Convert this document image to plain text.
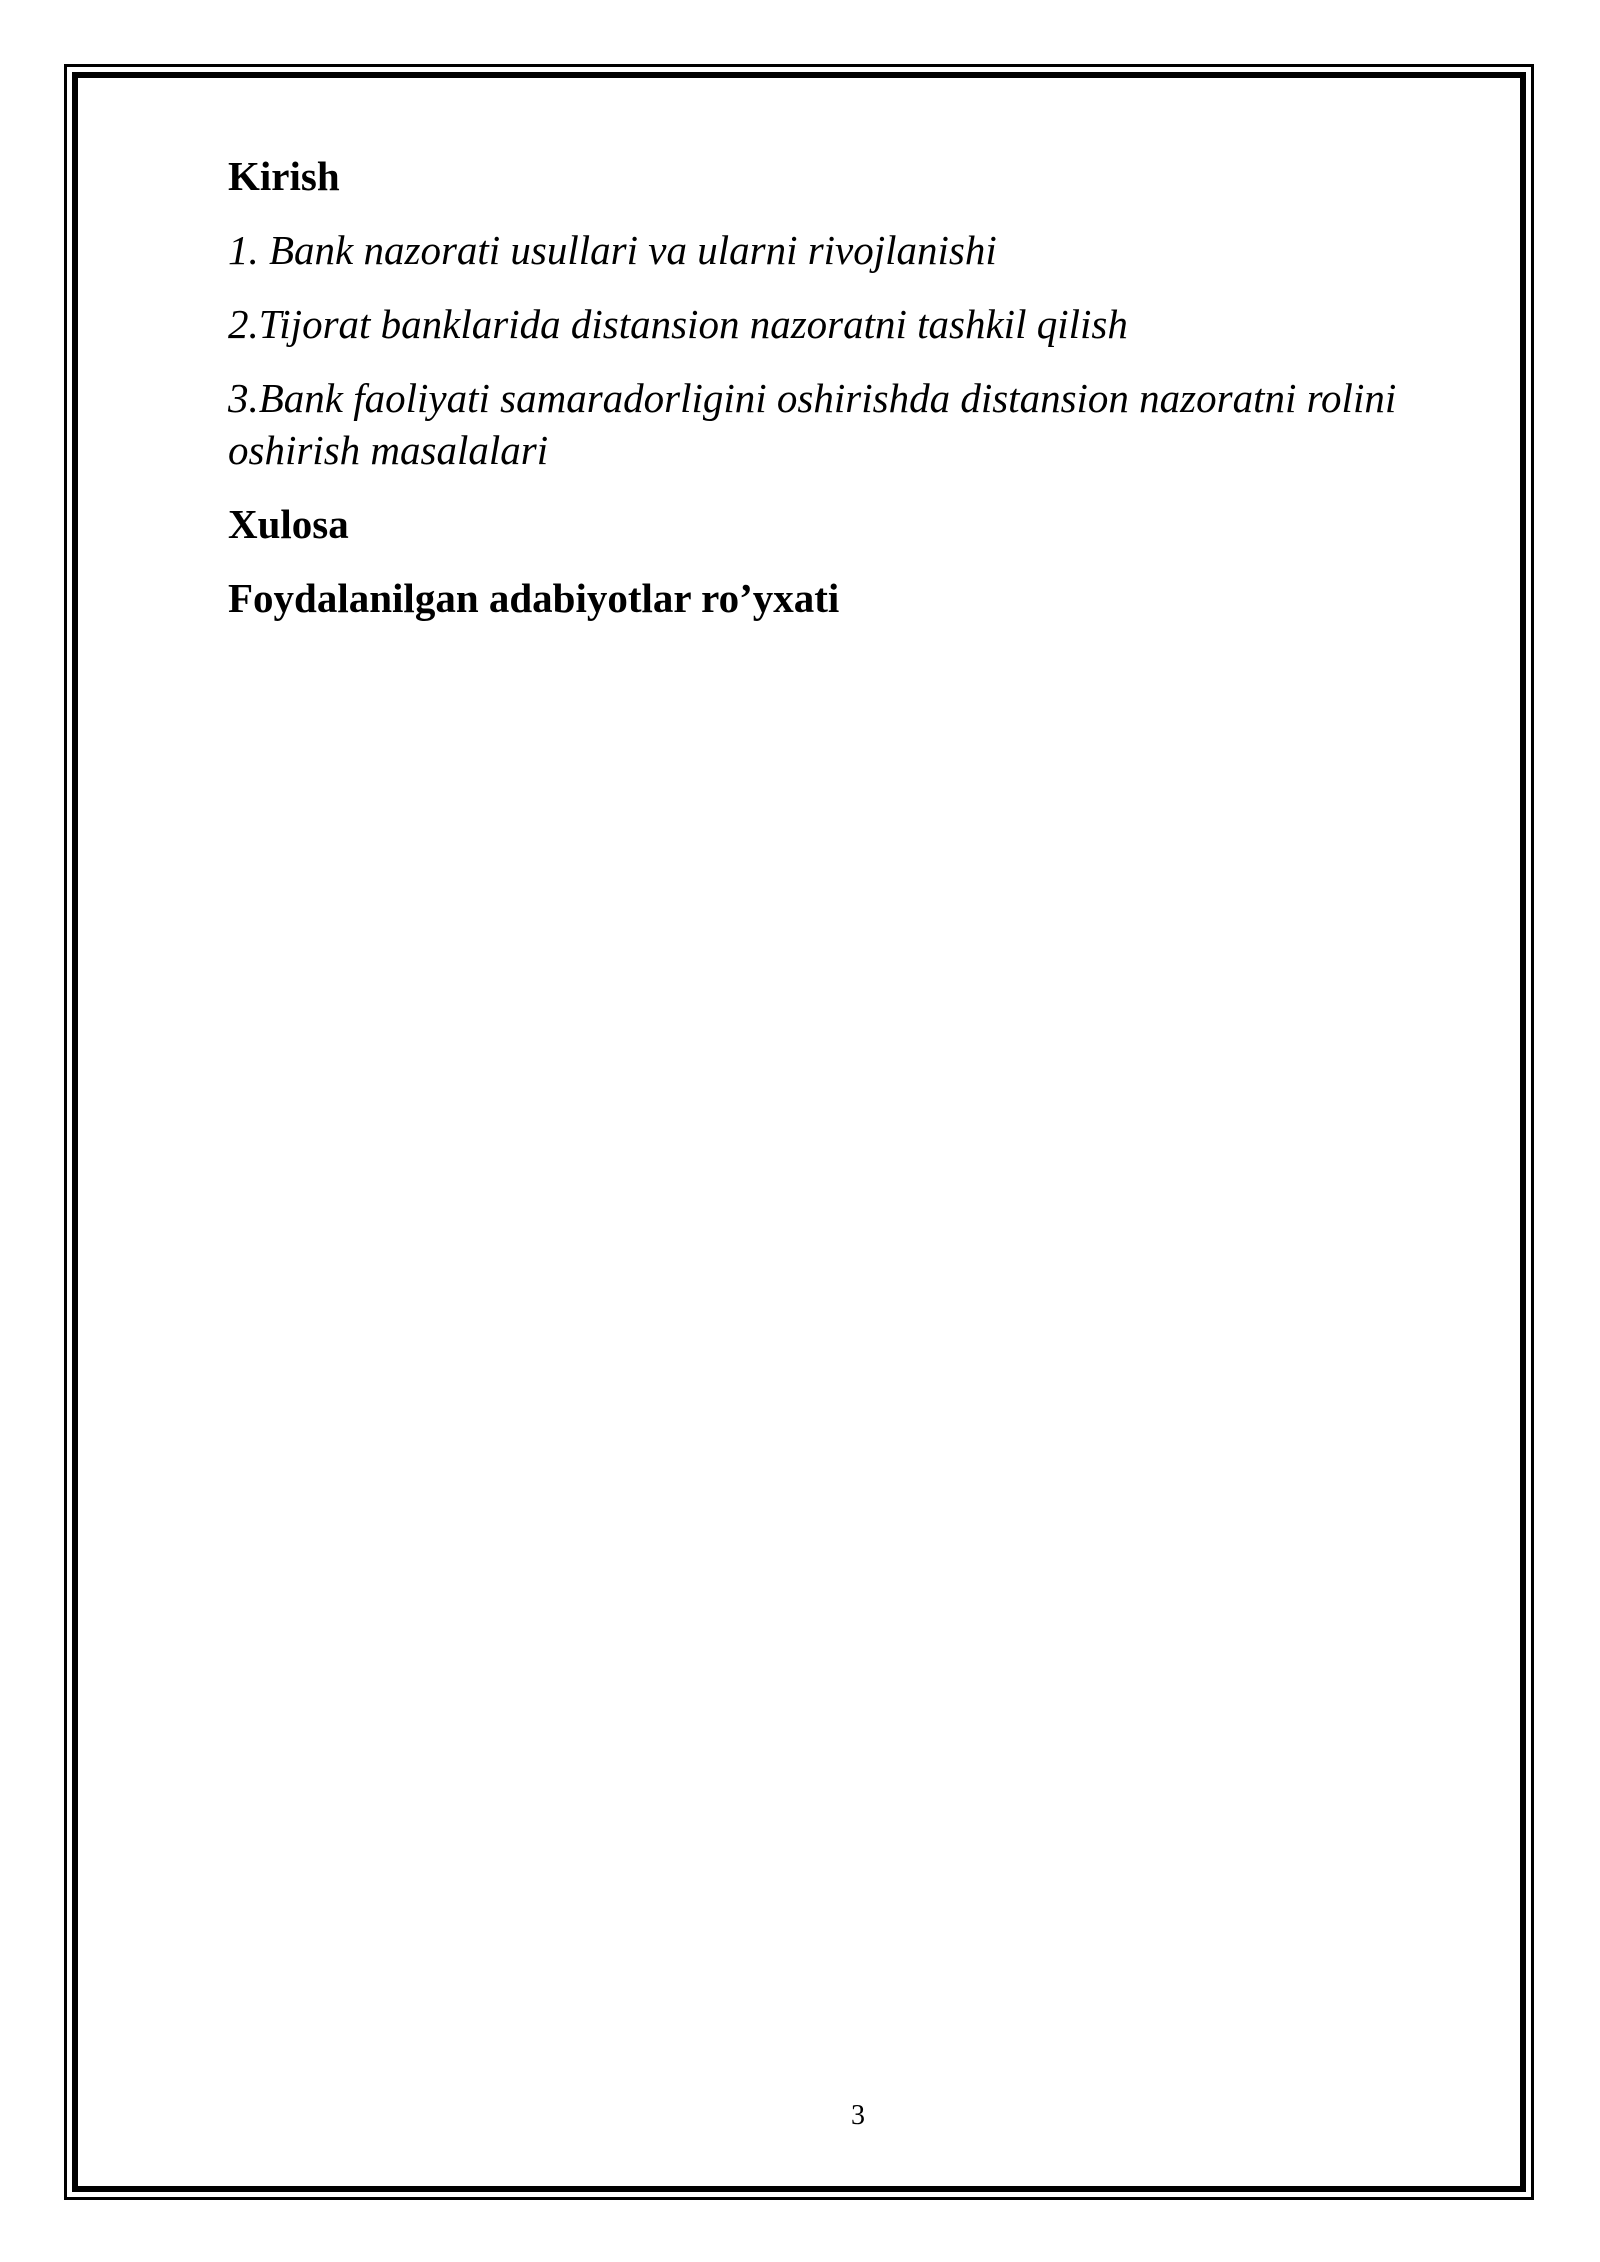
Kirish

1. Bank nazorati usullari va ularni rivojlanishi

2.Tijorat banklarida distansion nazoratni tashkil qilish

3.Bank faoliyati samaradorligini oshirishda distansion nazoratni rolini oshirish masalalari

Xulosa

Foydalanilgan adabiyotlar ro’yxati

3
